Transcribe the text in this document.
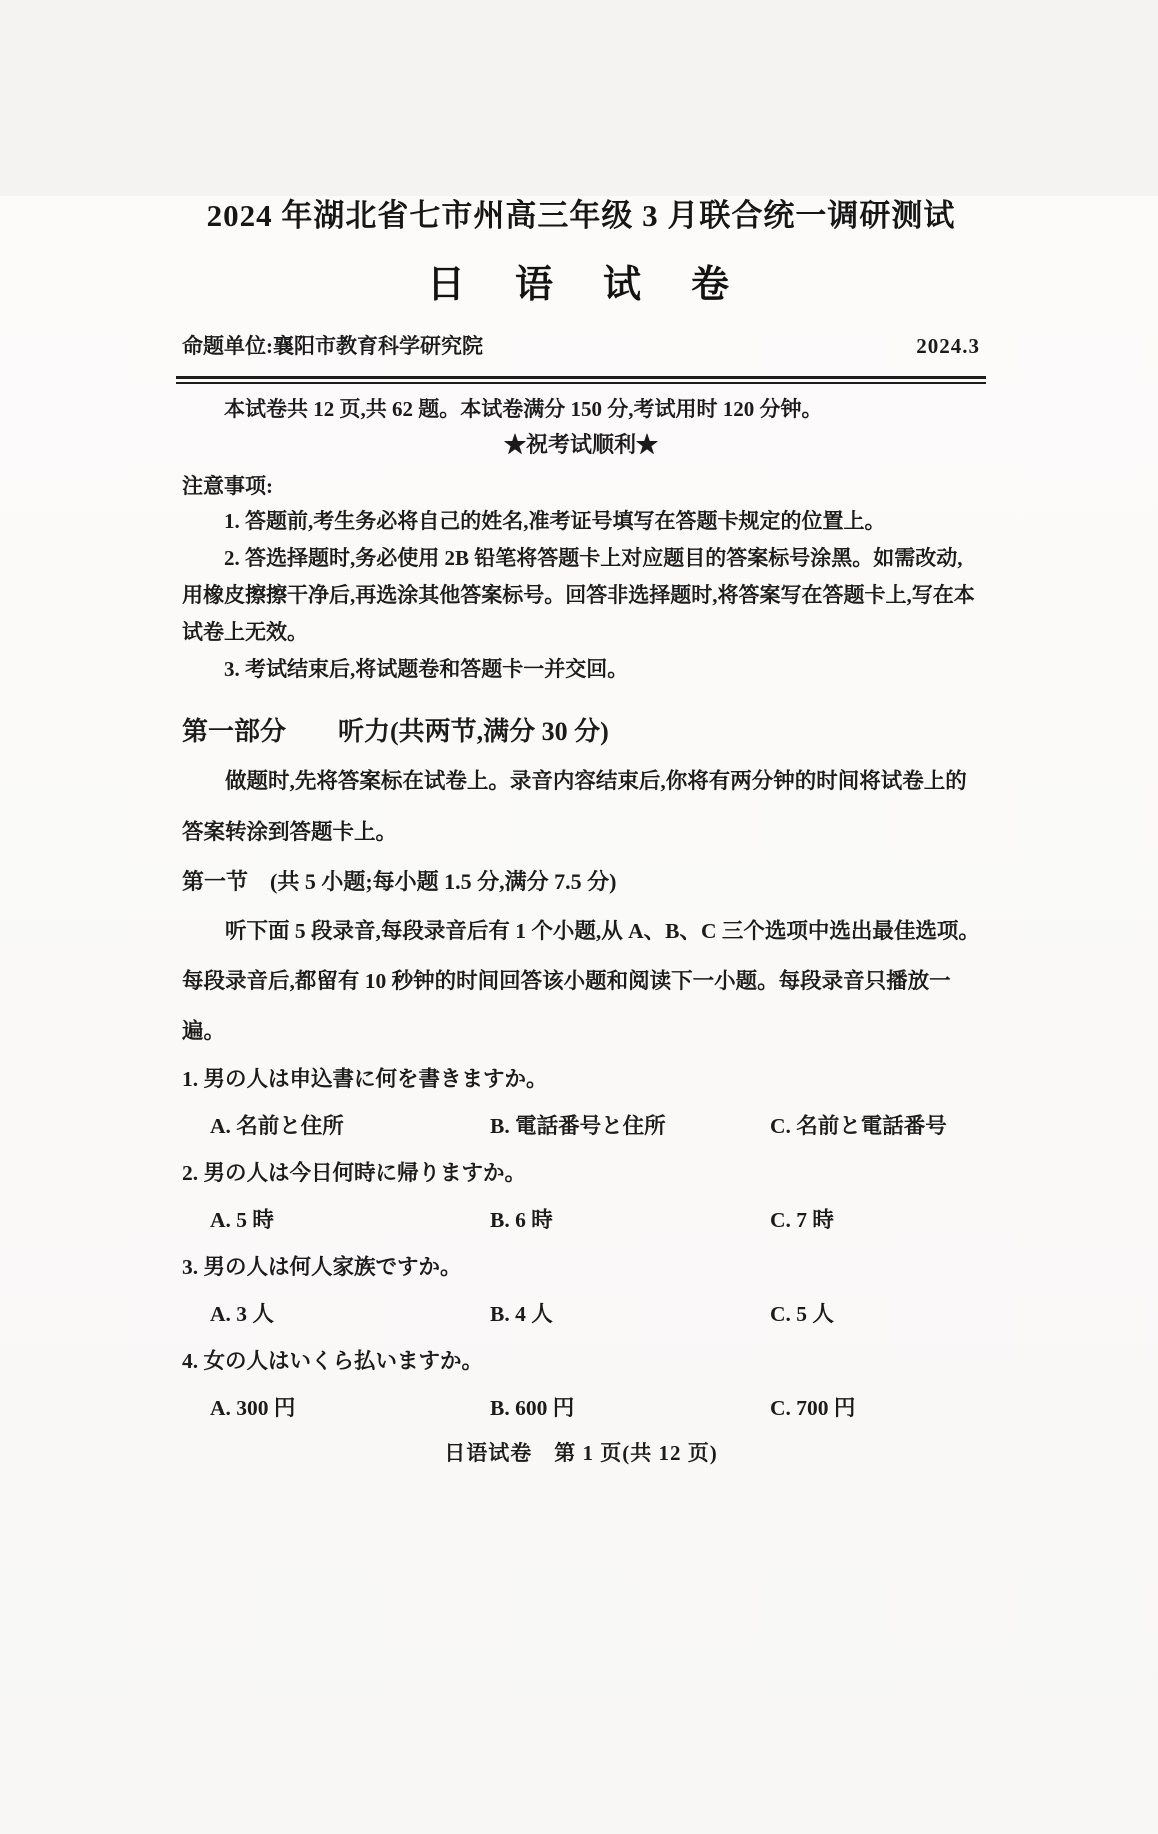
2024 年湖北省七市州高三年级 3 月联合统一调研测试
日　语　试　卷
命题单位:襄阳市教育科学研究院	2024.3

本试卷共 12 页,共 62 题。本试卷满分 150 分,考试用时 120 分钟。

★祝考试顺利★

注意事项:

1. 答题前,考生务必将自己的姓名,准考证号填写在答题卡规定的位置上。

2. 答选择题时,务必使用 2B 铅笔将答题卡上对应题目的答案标号涂黑。如需改动,用橡皮擦擦干净后,再选涂其他答案标号。回答非选择题时,将答案写在答题卡上,写在本试卷上无效。

3. 考试结束后,将试题卷和答题卡一并交回。

第一部分　　听力(共两节,满分 30 分)

做题时,先将答案标在试卷上。录音内容结束后,你将有两分钟的时间将试卷上的答案转涂到答题卡上。

第一节　(共 5 小题;每小题 1.5 分,满分 7.5 分)

听下面 5 段录音,每段录音后有 1 个小题,从 A、B、C 三个选项中选出最佳选项。每段录音后,都留有 10 秒钟的时间回答该小题和阅读下一小题。每段录音只播放一遍。

1. 男の人は申込書に何を書きますか。

A. 名前と住所	B. 電話番号と住所	C. 名前と電話番号

2. 男の人は今日何時に帰りますか。

A. 5 時	B. 6 時	C. 7 時

3. 男の人は何人家族ですか。

A. 3 人	B. 4 人	C. 5 人

4. 女の人はいくら払いますか。

A. 300 円	B. 600 円	C. 700 円

日语试卷　第 1 页(共 12 页)
